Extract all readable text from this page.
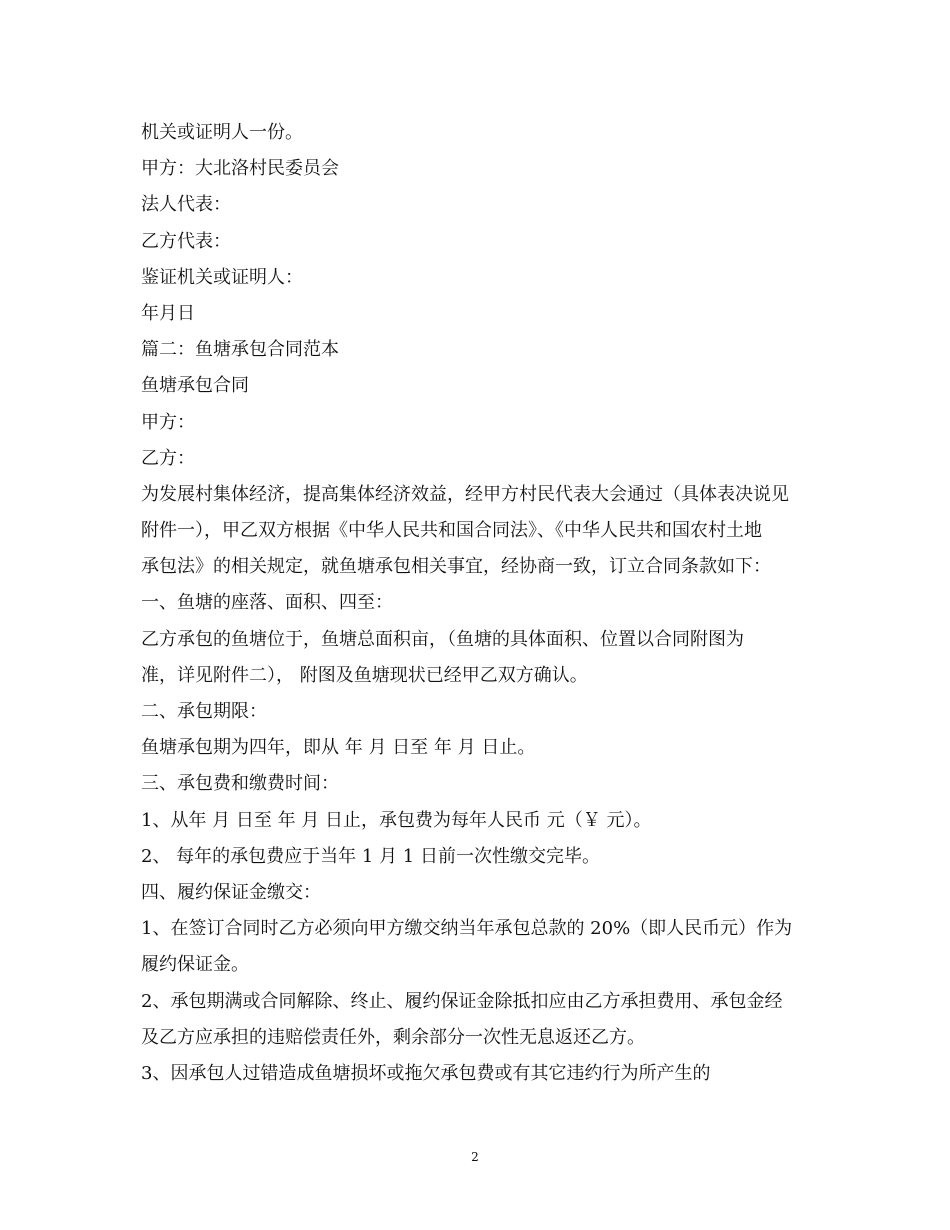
机关或证明人一份。
甲方：大北洛村民委员会
法人代表：
乙方代表：
鉴证机关或证明人：
年月日
篇二：鱼塘承包合同范本
鱼塘承包合同
甲方：
乙方：
为发展村集体经济，提高集体经济效益，经甲方村民代表大会通过（具体表决说见
附件一），甲乙双方根据《中华人民共和国合同法》、《中华人民共和国农村土地
承包法》的相关规定，就鱼塘承包相关事宜，经协商一致，订立合同条款如下：
一、鱼塘的座落、面积、四至：
乙方承包的鱼塘位于，鱼塘总面积亩，（鱼塘的具体面积、位置以合同附图为
准，详见附件二）， 附图及鱼塘现状已经甲乙双方确认。
二、承包期限：
鱼塘承包期为四年，即从 年 月 日至 年 月 日止。
三、承包费和缴费时间：
1、从年 月 日至 年 月 日止，承包费为每年人民币 元（￥ 元）。
2、 每年的承包费应于当年 1 月 1 日前一次性缴交完毕。
四、履约保证金缴交：
1、在签订合同时乙方必须向甲方缴交纳当年承包总款的 20%（即人民币元）作为
履约保证金。
2、承包期满或合同解除、终止、履约保证金除抵扣应由乙方承担费用、承包金经
及乙方应承担的违赔偿责任外，剩余部分一次性无息返还乙方。
3、因承包人过错造成鱼塘损坏或拖欠承包费或有其它违约行为所产生的
2
